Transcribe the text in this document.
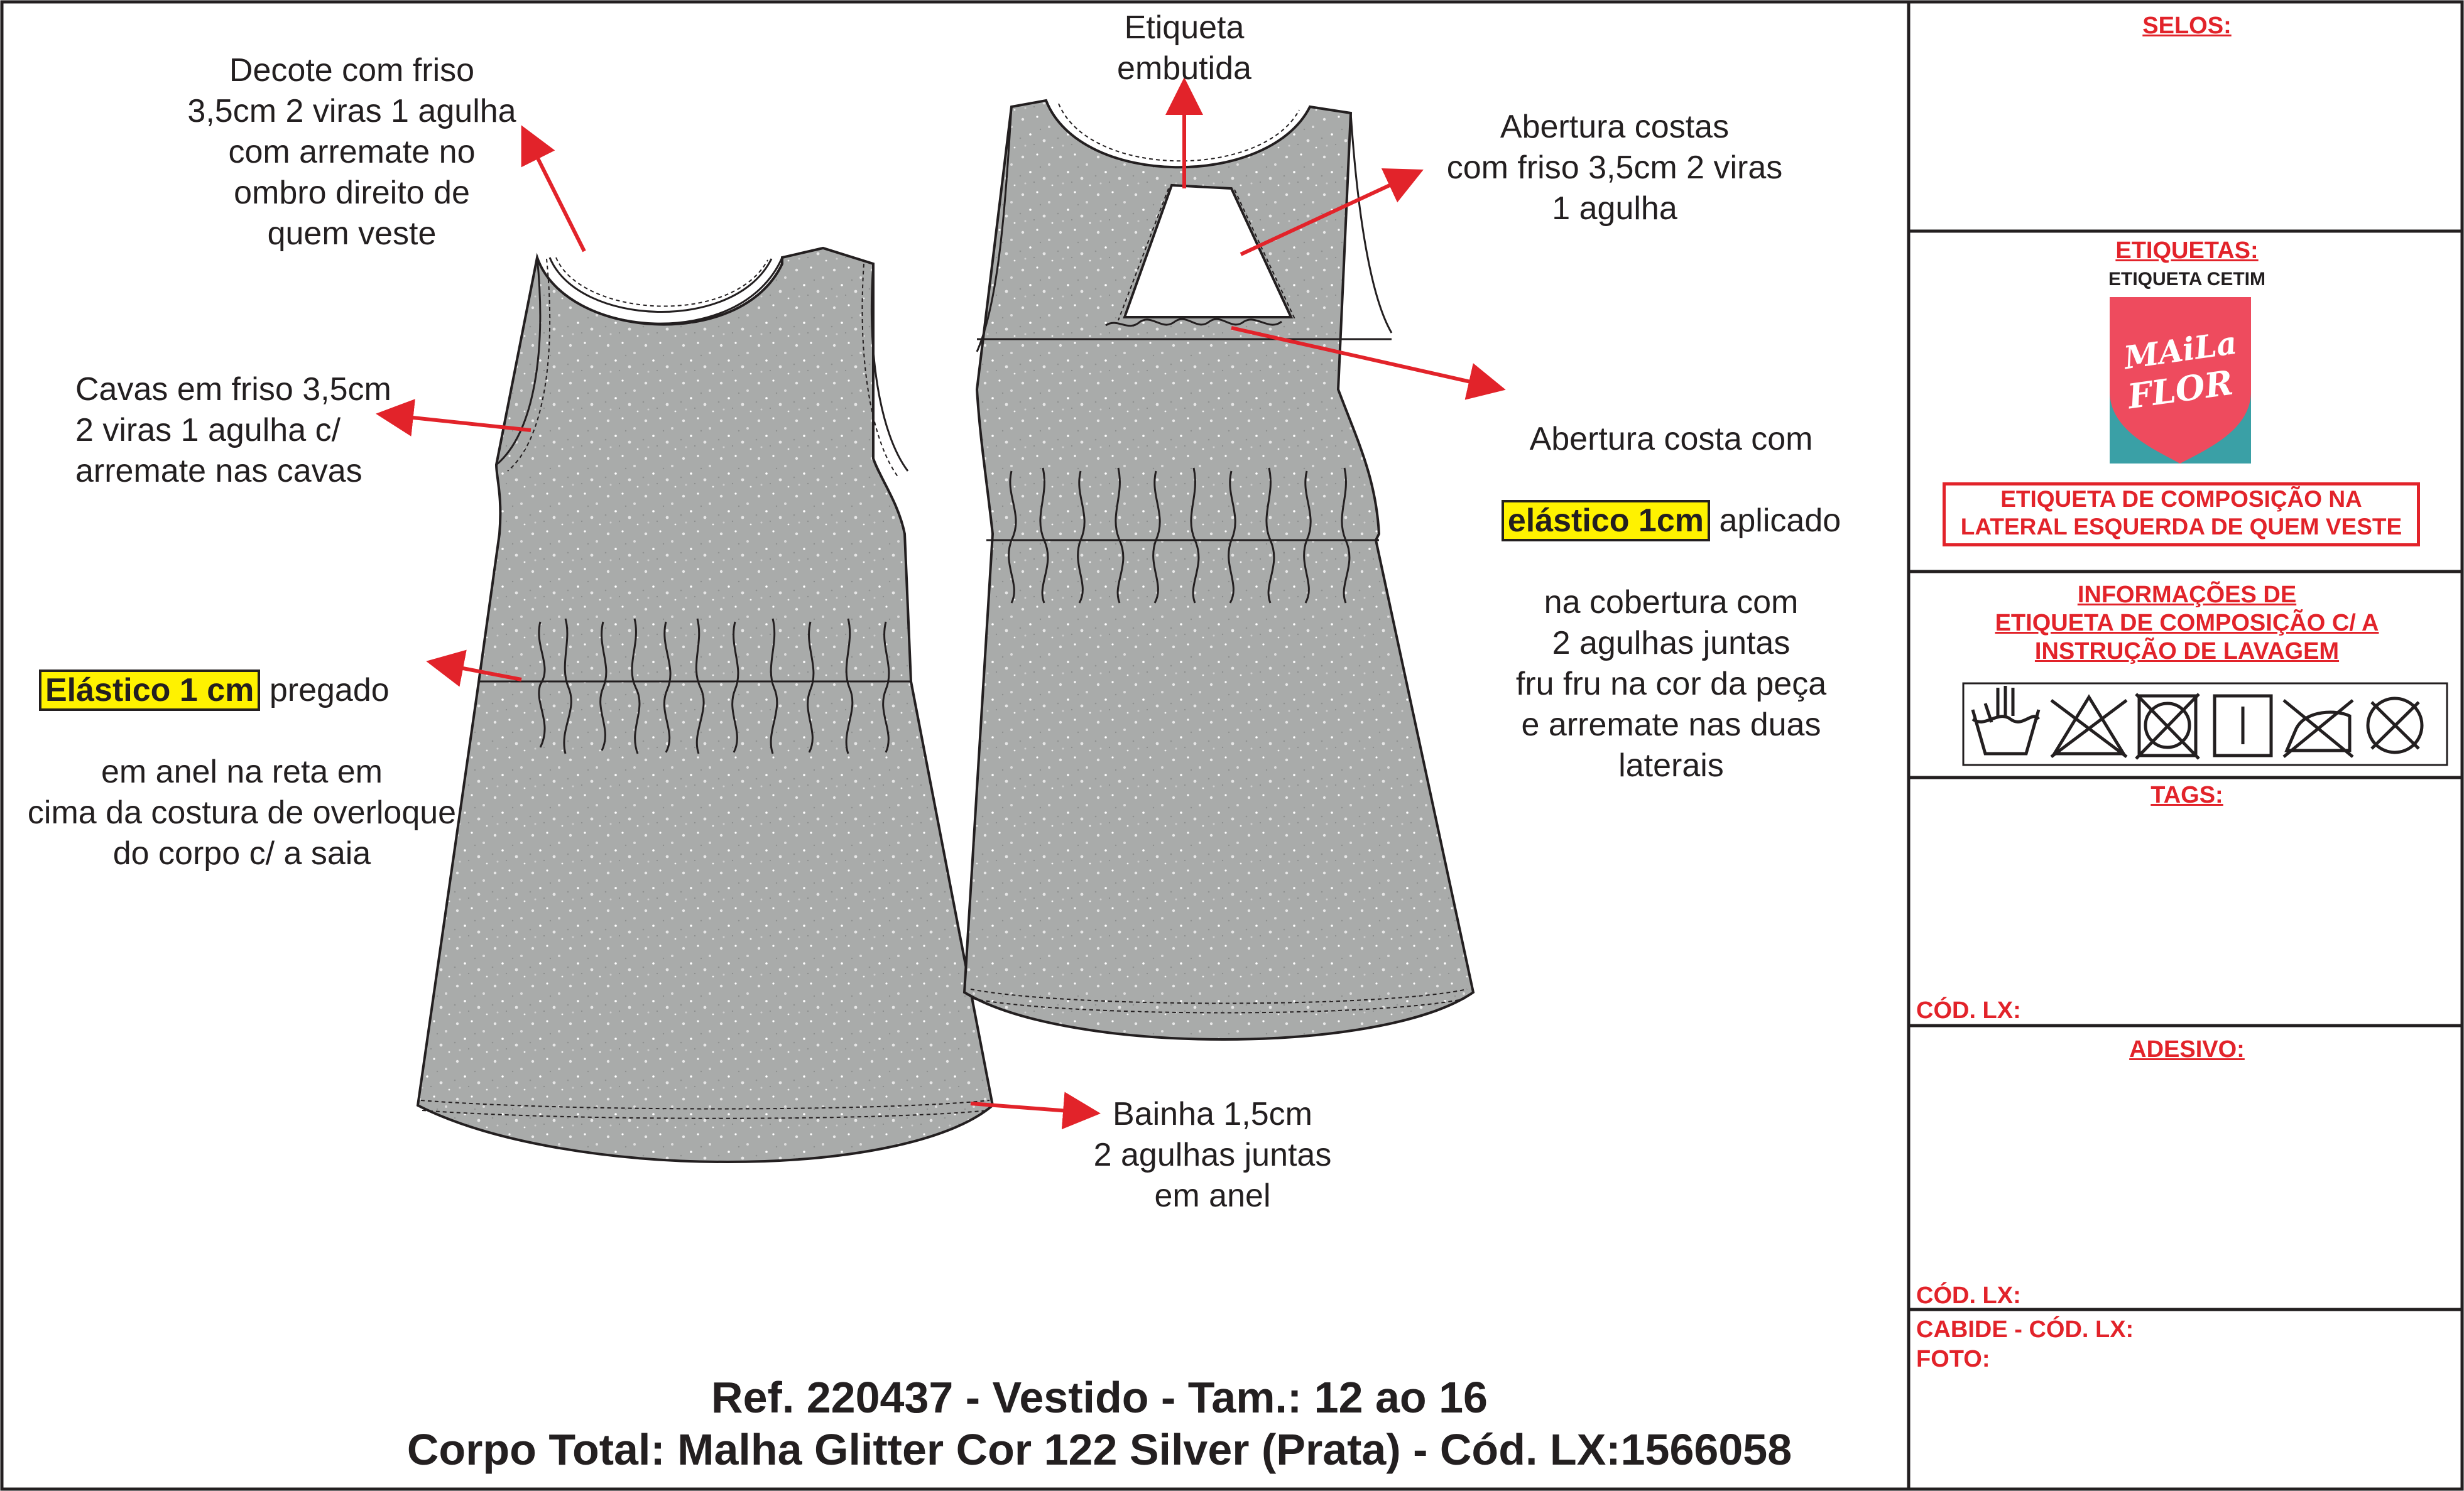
Decote com friso
3,5cm 2 viras 1 agulha
com arremate no
ombro direito de
quem veste
Etiqueta
embutida
Abertura costas
com friso 3,5cm 2 viras
1 agulha
Cavas em friso 3,5cm
2 viras 1 agulha c/
arremate nas cavas

Abertura costa com

elástico 1cm aplicado

na cobertura com
2 agulhas juntas
fru fru na cor da peça
e arremate nas duas
laterais

Elástico 1 cm pregado

em anel na reta em
cima da costura de overloque
do corpo c/ a saia

Bainha 1,5cm
2 agulhas juntas
em anel
Ref. 220437 - Vestido - Tam.: 12 ao 16
Corpo Total: Malha Glitter Cor 122 Silver (Prata) - Cód. LX:1566058
SELOS:
ETIQUETAS:
ETIQUETA CETIM
MAiLa
FLOR
ETIQUETA DE COMPOSIÇÃO NA
LATERAL ESQUERDA DE QUEM VESTE
INFORMAÇÕES DE
ETIQUETA DE COMPOSIÇÃO C/ A
INSTRUÇÃO DE LAVAGEM
TAGS:
CÓD. LX:
ADESIVO:
CÓD. LX:
CABIDE - CÓD. LX:
FOTO:
